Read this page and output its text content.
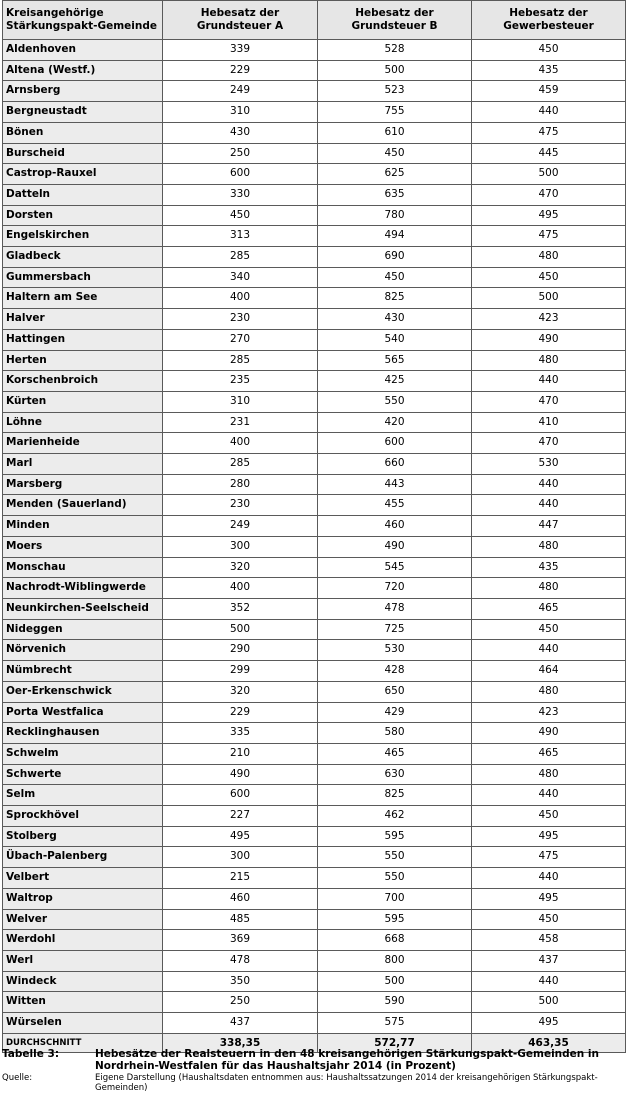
Kreisangehörige Stärkungspakt-Gemeinde	Hebesatz der Grundsteuer A	Hebesatz der Grundsteuer B	Hebesatz der Gewerbesteuer
Aldenhoven	339	528	450
Altena (Westf.)	229	500	435
Arnsberg	249	523	459
Bergneustadt	310	755	440
Bönen	430	610	475
Burscheid	250	450	445
Castrop-Rauxel	600	625	500
Datteln	330	635	470
Dorsten	450	780	495
Engelskirchen	313	494	475
Gladbeck	285	690	480
Gummersbach	340	450	450
Haltern am See	400	825	500
Halver	230	430	423
Hattingen	270	540	490
Herten	285	565	480
Korschenbroich	235	425	440
Kürten	310	550	470
Löhne	231	420	410
Marienheide	400	600	470
Marl	285	660	530
Marsberg	280	443	440
Menden (Sauerland)	230	455	440
Minden	249	460	447
Moers	300	490	480
Monschau	320	545	435
Nachrodt-Wiblingwerde	400	720	480
Neunkirchen-Seelscheid	352	478	465
Nideggen	500	725	450
Nörvenich	290	530	440
Nümbrecht	299	428	464
Oer-Erkenschwick	320	650	480
Porta Westfalica	229	429	423
Recklinghausen	335	580	490
Schwelm	210	465	465
Schwerte	490	630	480
Selm	600	825	440
Sprockhövel	227	462	450
Stolberg	495	595	495
Übach-Palenberg	300	550	475
Velbert	215	550	440
Waltrop	460	700	495
Welver	485	595	450
Werdohl	369	668	458
Werl	478	800	437
Windeck	350	500	440
Witten	250	590	500
Würselen	437	575	495
DURCHSCHNITT	338,35	572,77	463,35
Tabelle 3:	Hebesätze der Realsteuern in den 48 kreisangehörigen Stärkungspakt-Gemeinden in Nordrhein-Westfalen für das Haushaltsjahr 2014 (in Prozent)
Quelle:	Eigene Darstellung (Haushaltsdaten entnommen aus: Haushaltssatzungen 2014 der kreisangehörigen Stärkungspakt-Gemeinden)
